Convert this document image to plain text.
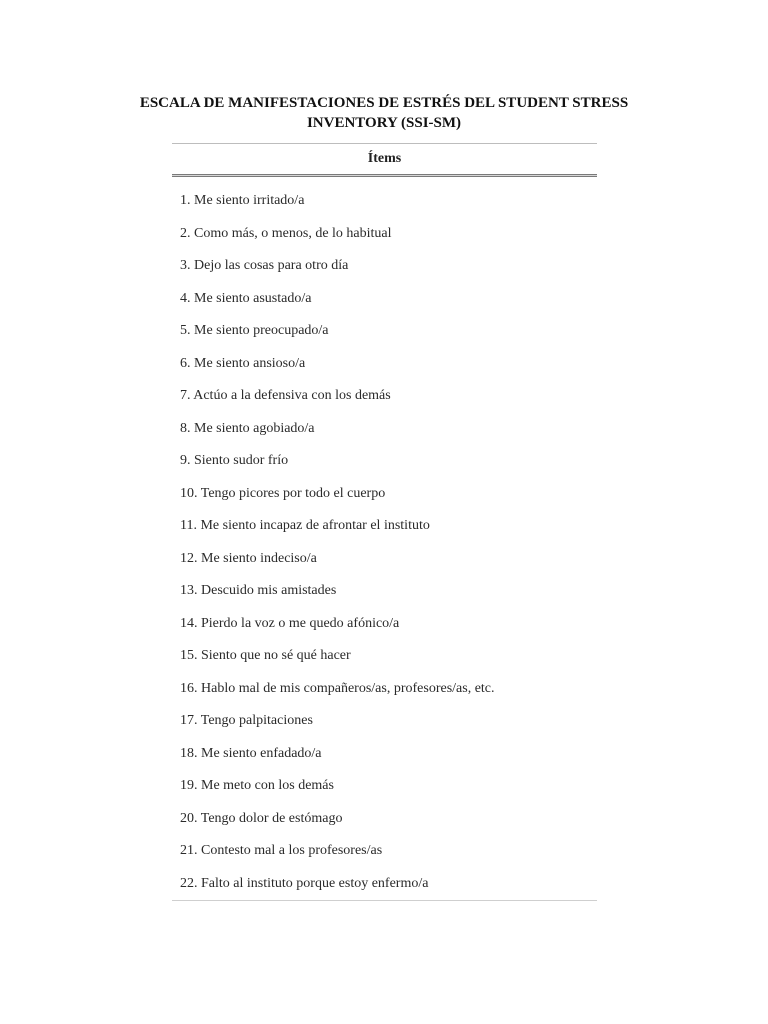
ESCALA DE MANIFESTACIONES DE ESTRÉS DEL STUDENT STRESS
INVENTORY (SSI-SM)
Ítems
1. Me siento irritado/a
2. Como más, o menos, de lo habitual
3. Dejo las cosas para otro día
4. Me siento asustado/a
5. Me siento preocupado/a
6. Me siento ansioso/a
7. Actúo a la defensiva con los demás
8. Me siento agobiado/a
9. Siento sudor frío
10. Tengo picores por todo el cuerpo
11. Me siento incapaz de afrontar el instituto
12. Me siento indeciso/a
13. Descuido mis amistades
14. Pierdo la voz o me quedo afónico/a
15. Siento que no sé qué hacer
16. Hablo mal de mis compañeros/as, profesores/as, etc.
17. Tengo palpitaciones
18. Me siento enfadado/a
19. Me meto con los demás
20. Tengo dolor de estómago
21. Contesto mal a los profesores/as
22. Falto al instituto porque estoy enfermo/a
